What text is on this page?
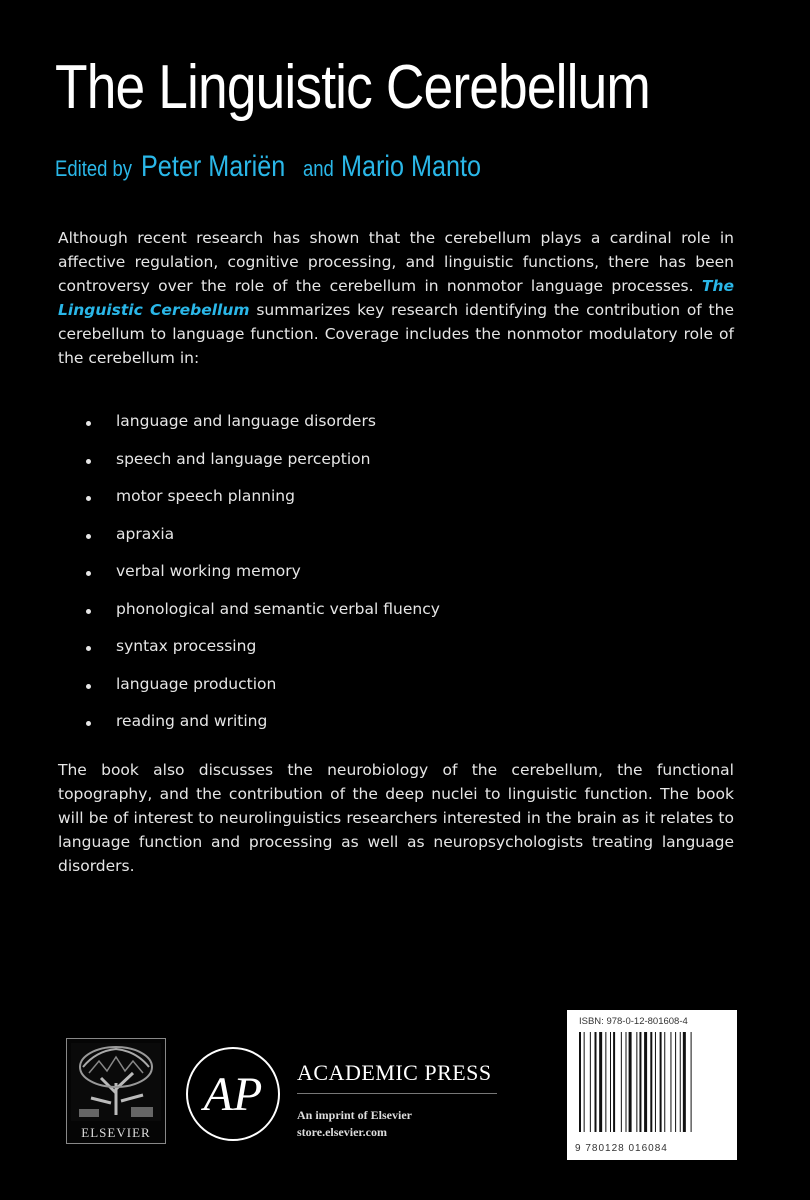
The Linguistic Cerebellum
Edited by Peter Mariën and Mario Manto

Although recent research has shown that the cerebellum plays a cardinal role in affective regulation, cognitive processing, and linguistic functions, there has been controversy over the role of the cerebellum in nonmotor language processes. The Linguistic Cerebellum summarizes key research identifying the contribution of the cerebellum to language function. Coverage includes the nonmotor modulatory role of the cerebellum in:

language and language disorders
speech and language perception
motor speech planning
apraxia
verbal working memory
phonological and semantic verbal fluency
syntax processing
language production
reading and writing

The book also discusses the neurobiology of the cerebellum, the functional topography, and the contribution of the deep nuclei to linguistic function. The book will be of interest to neurolinguistics researchers interested in the brain as it relates to language function and processing as well as neuropsychologists treating language disorders.

ELSEVIER
AP ACADEMIC PRESS
An imprint of Elsevier
store.elsevier.com
ISBN: 978-0-12-801608-4
9 780128 016084
